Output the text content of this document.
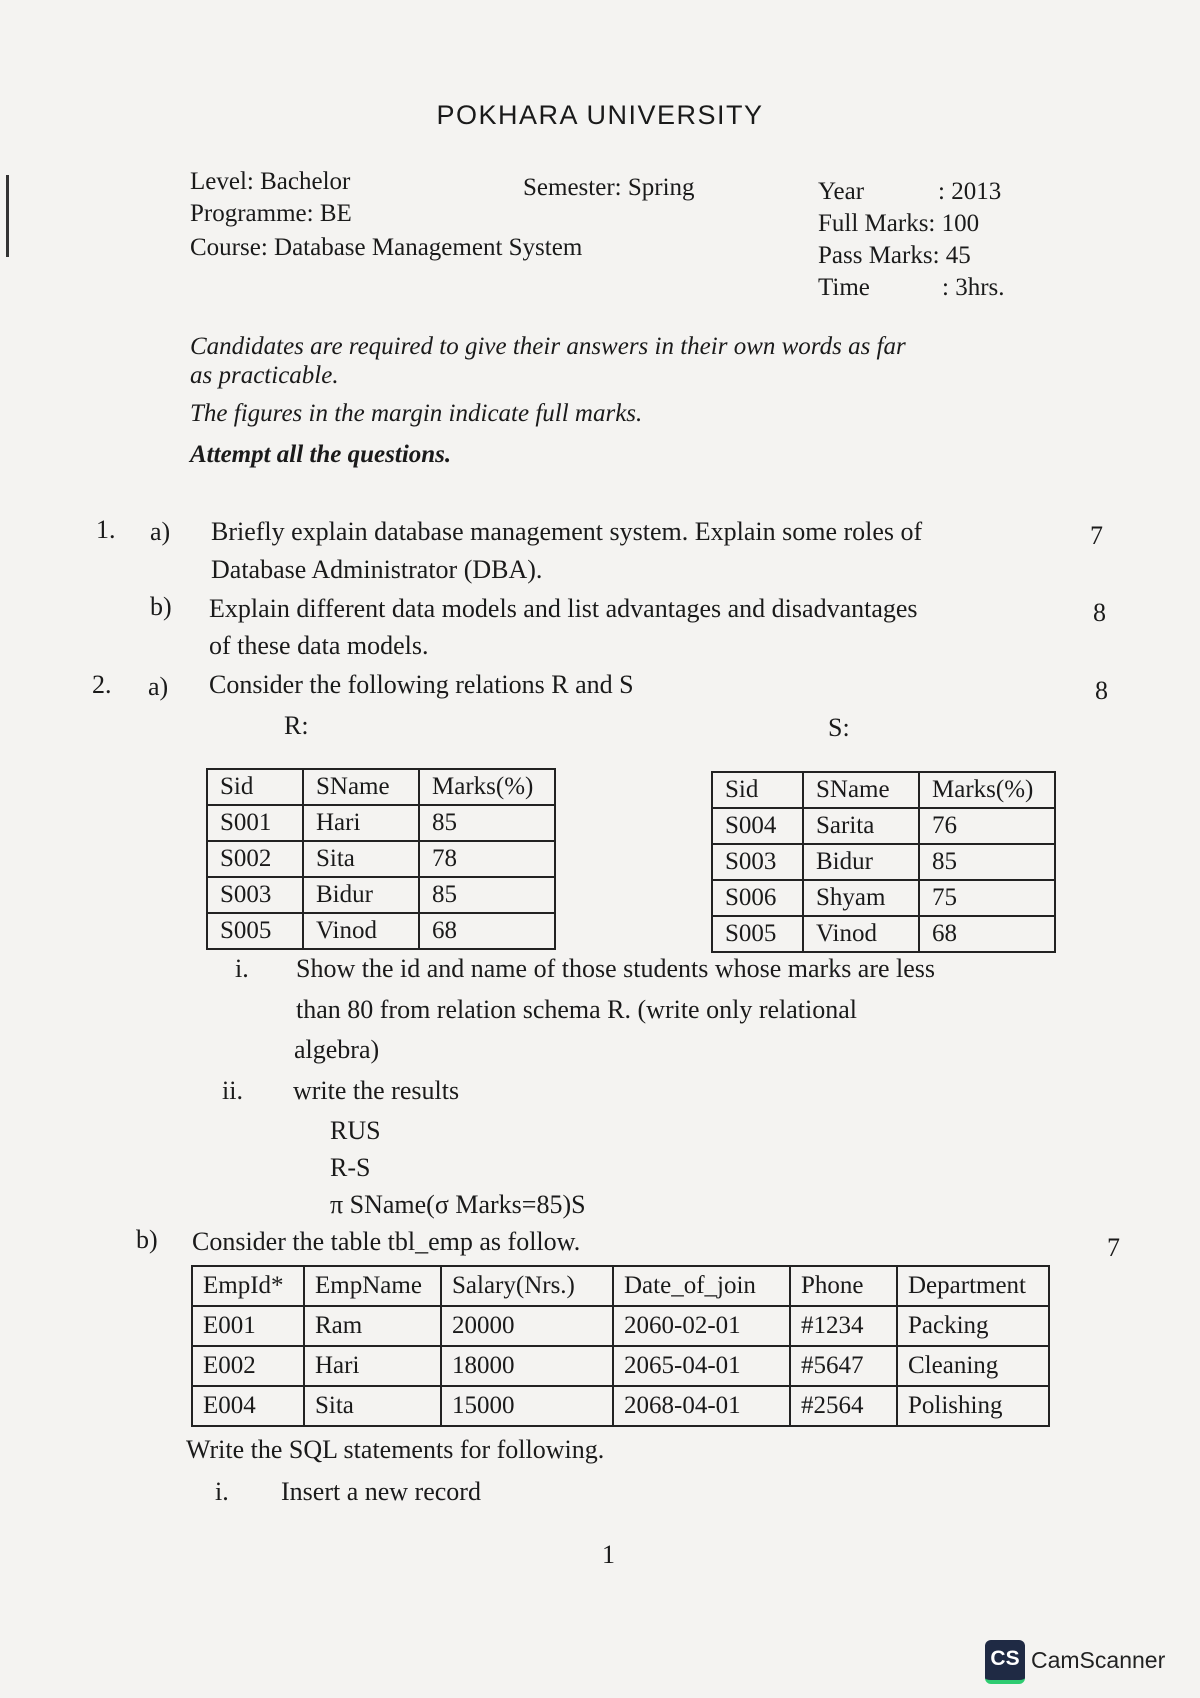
POKHARA UNIVERSITY
Level: Bachelor
Programme: BE
Course: Database Management System
Semester: Spring	Year	: 2013
Full Marks: 100
Pass Marks: 45
Time	: 3hrs.
Candidates are required to give their answers in their own words as far
as practicable.
The figures in the margin indicate full marks.
Attempt all the questions.
1. a) Briefly explain database management system. Explain some roles of
Database Administrator (DBA).
7
b) Explain different data models and list advantages and disadvantages
of these data models.
8
2. a) Consider the following relations R and S	8
R:	S:
Sid	SName	Marks(%)
S001	Hari	85
S002	Sita	78
S003	Bidur	85
S005	Vinod	68
Sid	SName	Marks(%)
S004	Sarita	76
S003	Bidur	85
S006	Shyam	75
S005	Vinod	68
i. Show the id and name of those students whose marks are less
than 80 from relation schema R. (write only relational
algebra)
ii. write the results
RUS
R-S
π SName(σ Marks=85)S
b) Consider the table tbl_emp as follow.	7
EmpId*	EmpName	Salary(Nrs.)	Date_of_join	Phone	Department
E001	Ram	20000	2060-02-01	#1234	Packing
E002	Hari	18000	2065-04-01	#5647	Cleaning
E004	Sita	15000	2068-04-01	#2564	Polishing
Write the SQL statements for following.
i. Insert a new record
1
CS CamScanner
